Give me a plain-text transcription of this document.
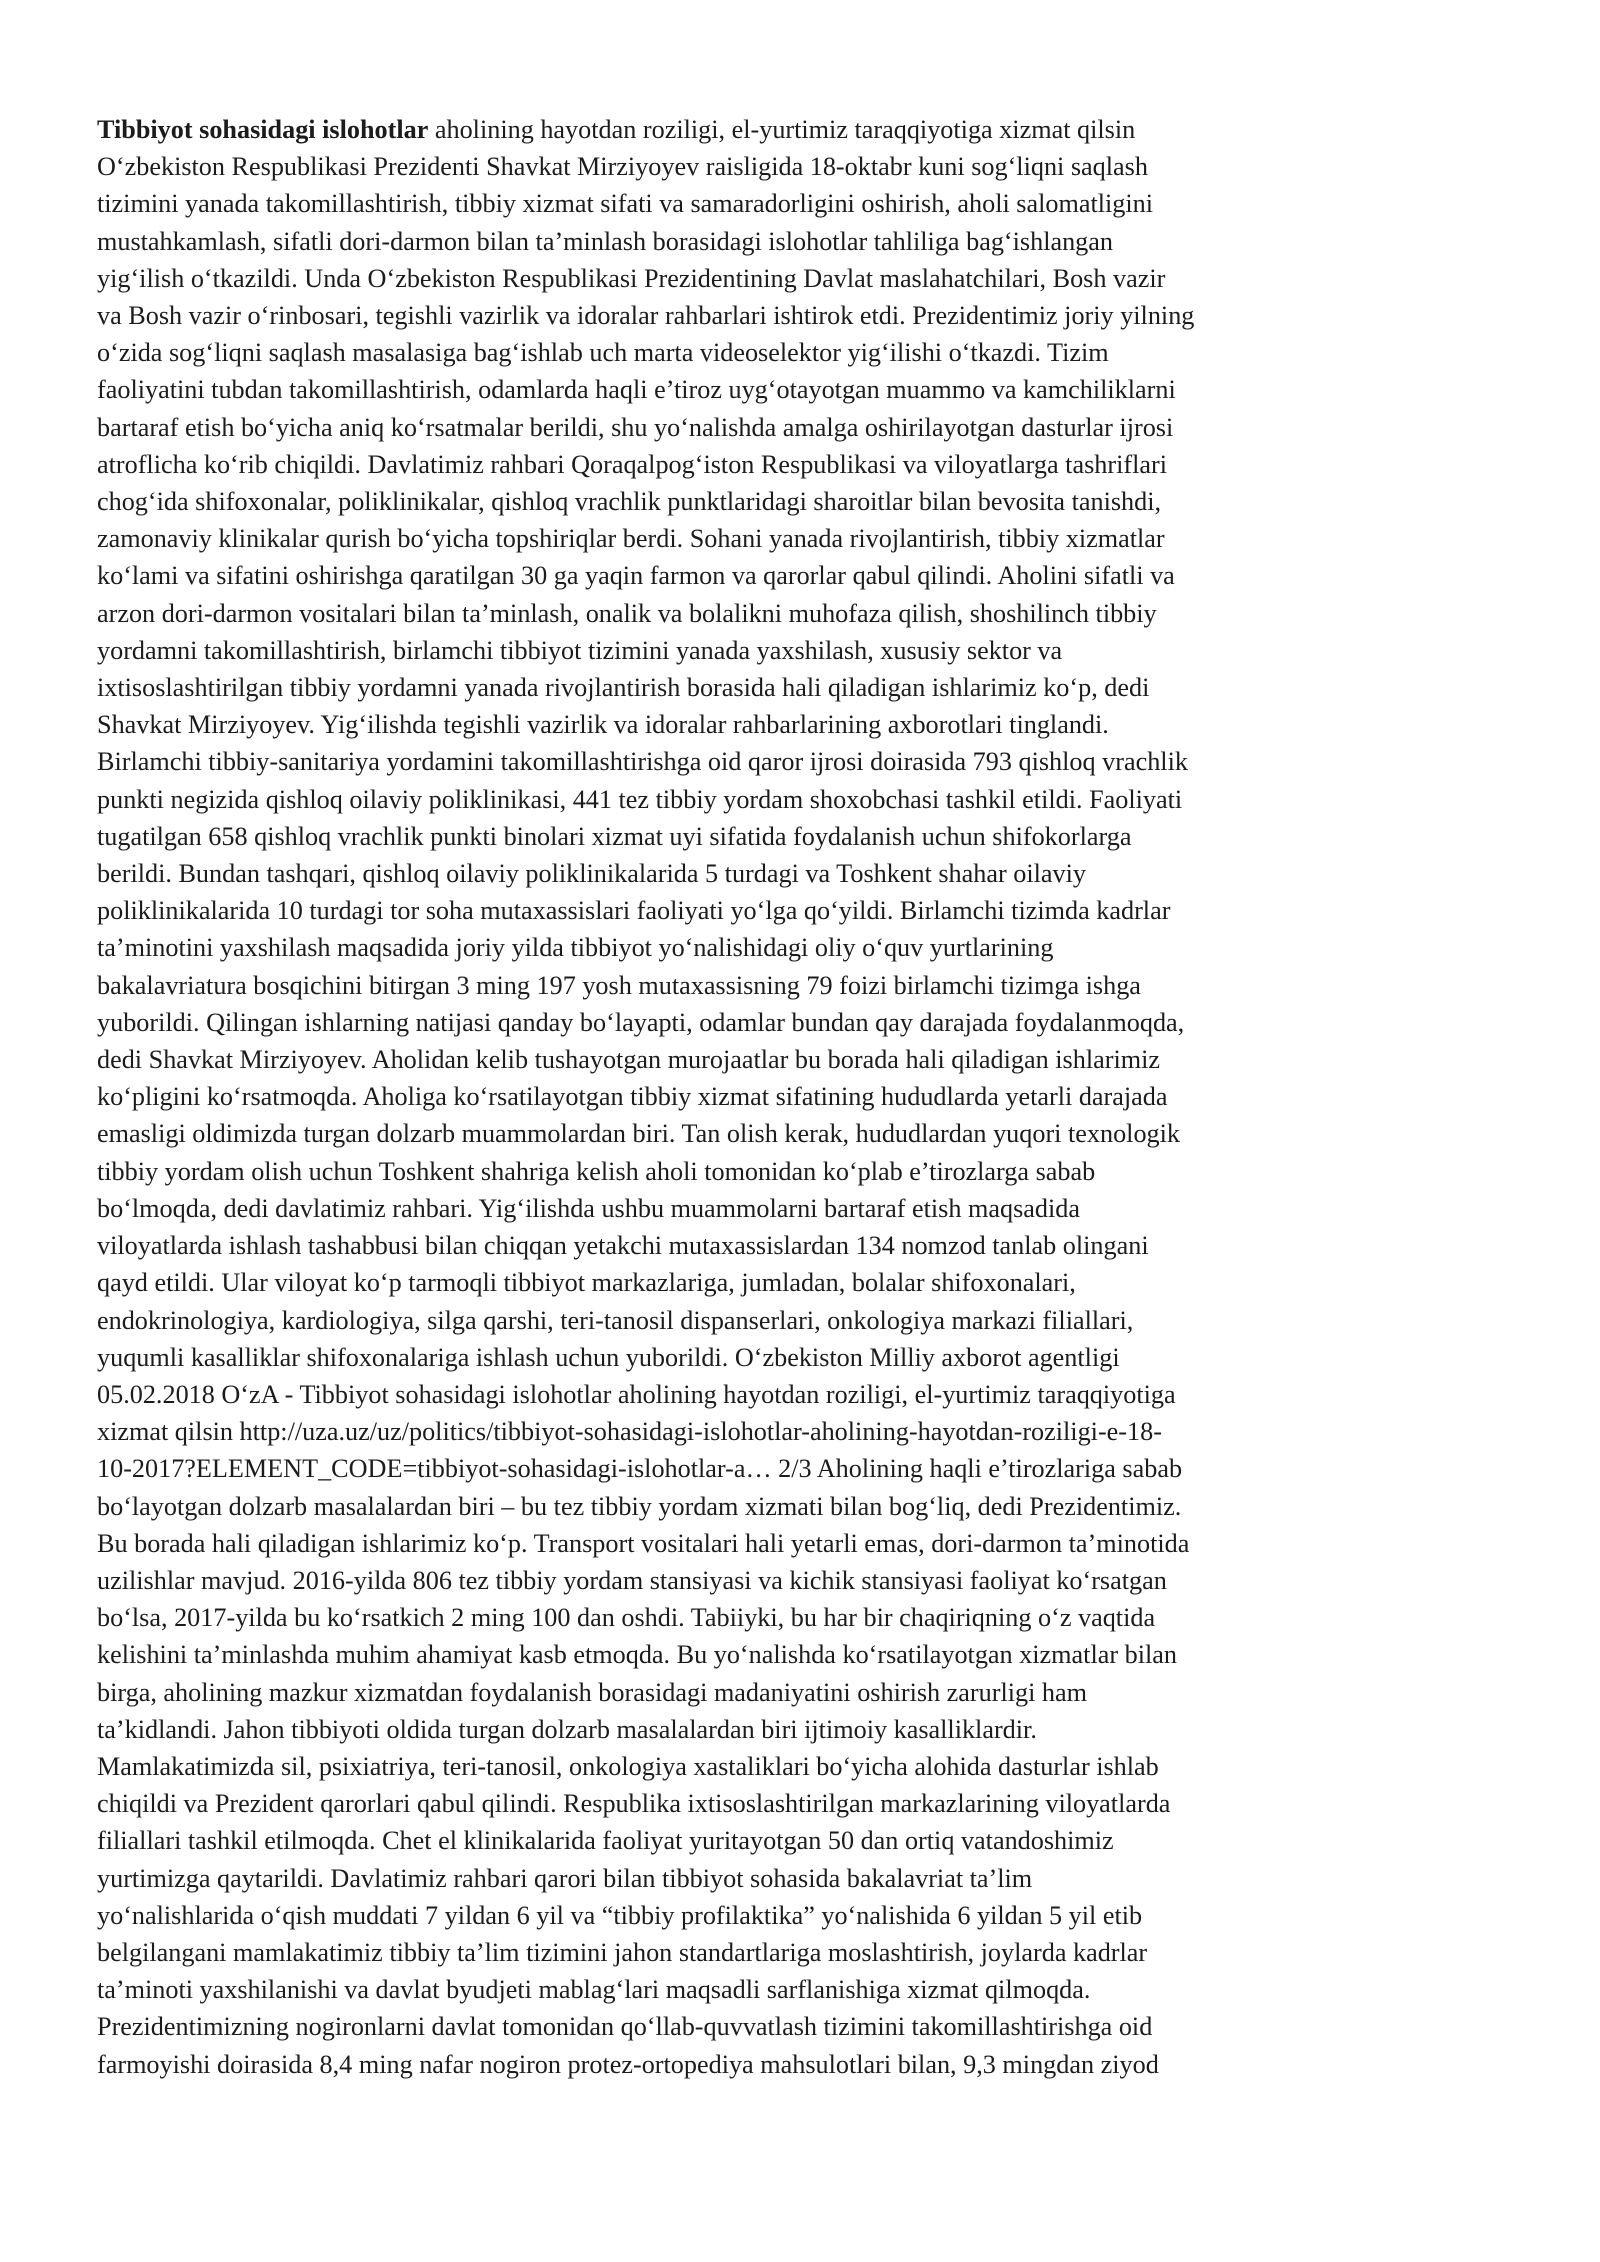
Tibbiyot sohasidagi islohotlar aholining hayotdan roziligi, el-yurtimiz taraqqiyotiga xizmat qilsin
O‘zbekiston Respublikasi Prezidenti Shavkat Mirziyoyev raisligida 18-oktabr kuni sog‘liqni saqlash
tizimini yanada takomillashtirish, tibbiy xizmat sifati va samaradorligini oshirish, aholi salomatligini
mustahkamlash, sifatli dori-darmon bilan ta’minlash borasidagi islohotlar tahliliga bag‘ishlangan
yig‘ilish o‘tkazildi. Unda O‘zbekiston Respublikasi Prezidentining Davlat maslahatchilari, Bosh vazir
va Bosh vazir o‘rinbosari, tegishli vazirlik va idoralar rahbarlari ishtirok etdi. Prezidentimiz joriy yilning
o‘zida sog‘liqni saqlash masalasiga bag‘ishlab uch marta videoselektor yig‘ilishi o‘tkazdi. Tizim
faoliyatini tubdan takomillashtirish, odamlarda haqli e’tiroz uyg‘otayotgan muammo va kamchiliklarni
bartaraf etish bo‘yicha aniq ko‘rsatmalar berildi, shu yo‘nalishda amalga oshirilayotgan dasturlar ijrosi
atroflicha ko‘rib chiqildi. Davlatimiz rahbari Qoraqalpog‘iston Respublikasi va viloyatlarga tashriflari
chog‘ida shifoxonalar, poliklinikalar, qishloq vrachlik punktlaridagi sharoitlar bilan bevosita tanishdi,
zamonaviy klinikalar qurish bo‘yicha topshiriqlar berdi. Sohani yanada rivojlantirish, tibbiy xizmatlar
ko‘lami va sifatini oshirishga qaratilgan 30 ga yaqin farmon va qarorlar qabul qilindi. Aholini sifatli va
arzon dori-darmon vositalari bilan ta’minlash, onalik va bolalikni muhofaza qilish, shoshilinch tibbiy
yordamni takomillashtirish, birlamchi tibbiyot tizimini yanada yaxshilash, xususiy sektor va
ixtisoslashtirilgan tibbiy yordamni yanada rivojlantirish borasida hali qiladigan ishlarimiz ko‘p, dedi
Shavkat Mirziyoyev. Yig‘ilishda tegishli vazirlik va idoralar rahbarlarining axborotlari tinglandi.
Birlamchi tibbiy-sanitariya yordamini takomillashtirishga oid qaror ijrosi doirasida 793 qishloq vrachlik
punkti negizida qishloq oilaviy poliklinikasi, 441 tez tibbiy yordam shoxobchasi tashkil etildi. Faoliyati
tugatilgan 658 qishloq vrachlik punkti binolari xizmat uyi sifatida foydalanish uchun shifokorlarga
berildi. Bundan tashqari, qishloq oilaviy poliklinikalarida 5 turdagi va Toshkent shahar oilaviy
poliklinikalarida 10 turdagi tor soha mutaxassislari faoliyati yo‘lga qo‘yildi. Birlamchi tizimda kadrlar
ta’minotini yaxshilash maqsadida joriy yilda tibbiyot yo‘nalishidagi oliy o‘quv yurtlarining
bakalavriatura bosqichini bitirgan 3 ming 197 yosh mutaxassisning 79 foizi birlamchi tizimga ishga
yuborildi. Qilingan ishlarning natijasi qanday bo‘layapti, odamlar bundan qay darajada foydalanmoqda,
dedi Shavkat Mirziyoyev. Aholidan kelib tushayotgan murojaatlar bu borada hali qiladigan ishlarimiz
ko‘pligini ko‘rsatmoqda. Aholiga ko‘rsatilayotgan tibbiy xizmat sifatining hududlarda yetarli darajada
emasligi oldimizda turgan dolzarb muammolardan biri. Tan olish kerak, hududlardan yuqori texnologik
tibbiy yordam olish uchun Toshkent shahriga kelish aholi tomonidan ko‘plab e’tirozlarga sabab
bo‘lmoqda, dedi davlatimiz rahbari. Yig‘ilishda ushbu muammolarni bartaraf etish maqsadida
viloyatlarda ishlash tashabbusi bilan chiqqan yetakchi mutaxassislardan 134 nomzod tanlab olingani
qayd etildi. Ular viloyat ko‘p tarmoqli tibbiyot markazlariga, jumladan, bolalar shifoxonalari,
endokrinologiya, kardiologiya, silga qarshi, teri-tanosil dispanserlari, onkologiya markazi filiallari,
yuqumli kasalliklar shifoxonalariga ishlash uchun yuborildi. O‘zbekiston Milliy axborot agentligi
05.02.2018 O‘zA - Tibbiyot sohasidagi islohotlar aholining hayotdan roziligi, el-yurtimiz taraqqiyotiga
xizmat qilsin http://uza.uz/uz/politics/tibbiyot-sohasidagi-islohotlar-aholining-hayotdan-roziligi-e-18-
10-2017?ELEMENT_CODE=tibbiyot-sohasidagi-islohotlar-a… 2/3 Aholining haqli e’tirozlariga sabab
bo‘layotgan dolzarb masalalardan biri – bu tez tibbiy yordam xizmati bilan bog‘liq, dedi Prezidentimiz.
Bu borada hali qiladigan ishlarimiz ko‘p. Transport vositalari hali yetarli emas, dori-darmon ta’minotida
uzilishlar mavjud. 2016-yilda 806 tez tibbiy yordam stansiyasi va kichik stansiyasi faoliyat ko‘rsatgan
bo‘lsa, 2017-yilda bu ko‘rsatkich 2 ming 100 dan oshdi. Tabiiyki, bu har bir chaqiriqning o‘z vaqtida
kelishini ta’minlashda muhim ahamiyat kasb etmoqda. Bu yo‘nalishda ko‘rsatilayotgan xizmatlar bilan
birga, aholining mazkur xizmatdan foydalanish borasidagi madaniyatini oshirish zarurligi ham
ta’kidlandi. Jahon tibbiyoti oldida turgan dolzarb masalalardan biri ijtimoiy kasalliklardir.
Mamlakatimizda sil, psixiatriya, teri-tanosil, onkologiya xastaliklari bo‘yicha alohida dasturlar ishlab
chiqildi va Prezident qarorlari qabul qilindi. Respublika ixtisoslashtirilgan markazlarining viloyatlarda
filiallari tashkil etilmoqda. Chet el klinikalarida faoliyat yuritayotgan 50 dan ortiq vatandoshimiz
yurtimizga qaytarildi. Davlatimiz rahbari qarori bilan tibbiyot sohasida bakalavriat ta’lim
yo‘nalishlarida o‘qish muddati 7 yildan 6 yil va “tibbiy profilaktika” yo‘nalishida 6 yildan 5 yil etib
belgilangani mamlakatimiz tibbiy ta’lim tizimini jahon standartlariga moslashtirish, joylarda kadrlar
ta’minoti yaxshilanishi va davlat byudjeti mablag‘lari maqsadli sarflanishiga xizmat qilmoqda.
Prezidentimizning nogironlarni davlat tomonidan qo‘llab-quvvatlash tizimini takomillashtirishga oid
farmoyishi doirasida 8,4 ming nafar nogiron protez-ortopediya mahsulotlari bilan, 9,3 mingdan ziyod
